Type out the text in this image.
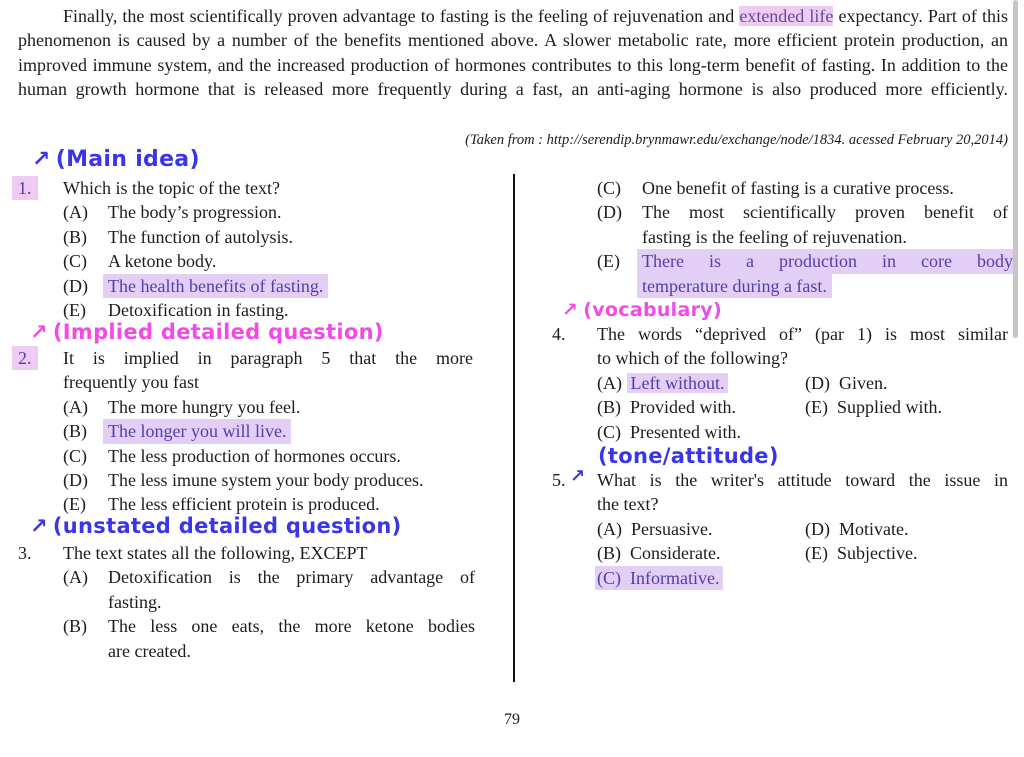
Finally, the most scientifically proven advantage to fasting is the feeling of rejuvenation and extended life expectancy. Part of this phenomenon is caused by a number of the benefits mentioned above. A slower metabolic rate, more efficient protein production, an improved immune system, and the increased production of hormones contributes to this long-term benefit of fasting. In addition to the human growth hormone that is released more frequently during a fast, an anti-aging hormone is also produced more efficiently.
(Taken from : http://serendip.brynmawr.edu/exchange/node/1834. acessed February 20,2014)
↗ (Main idea)
↗ (Implied detailed question)
↗ (unstated detailed question)
↗ (vocabulary)
↗
(tone/attitude)
1.	Which is the topic of the text?
(A) The body’s progression.
(B) The function of autolysis.
(C) A ketone body.
(D) The health benefits of fasting.
(E) Detoxification in fasting.
2.	It is implied in paragraph 5 that the more
frequently you fast
(A) The more hungry you feel.
(B) The longer you will live.
(C) The less production of hormones occurs.
(D) The less imune system your body produces.
(E) The less efficient protein is produced.
3. The text states all the following, EXCEPT
(A) Detoxification is the primary advantage of
fasting.
(B) The less one eats, the more ketone bodies
are created.
(C) One benefit of fasting is a curative process.
(D) The most scientifically proven benefit of
fasting is the feeling of rejuvenation.
(E) There is a production in core body
temperature during a fast.
4. The words “deprived of” (par 1) is most similar
to which of the following?
(A) Left without.	(D) Given.
(B) Provided with.	(E) Supplied with.
(C) Presented with.
5. What is the writer's attitude toward the issue in
the text?
(A) Persuasive.	(D) Motivate.
(B) Considerate.	(E) Subjective.
(C) Informative.
79
